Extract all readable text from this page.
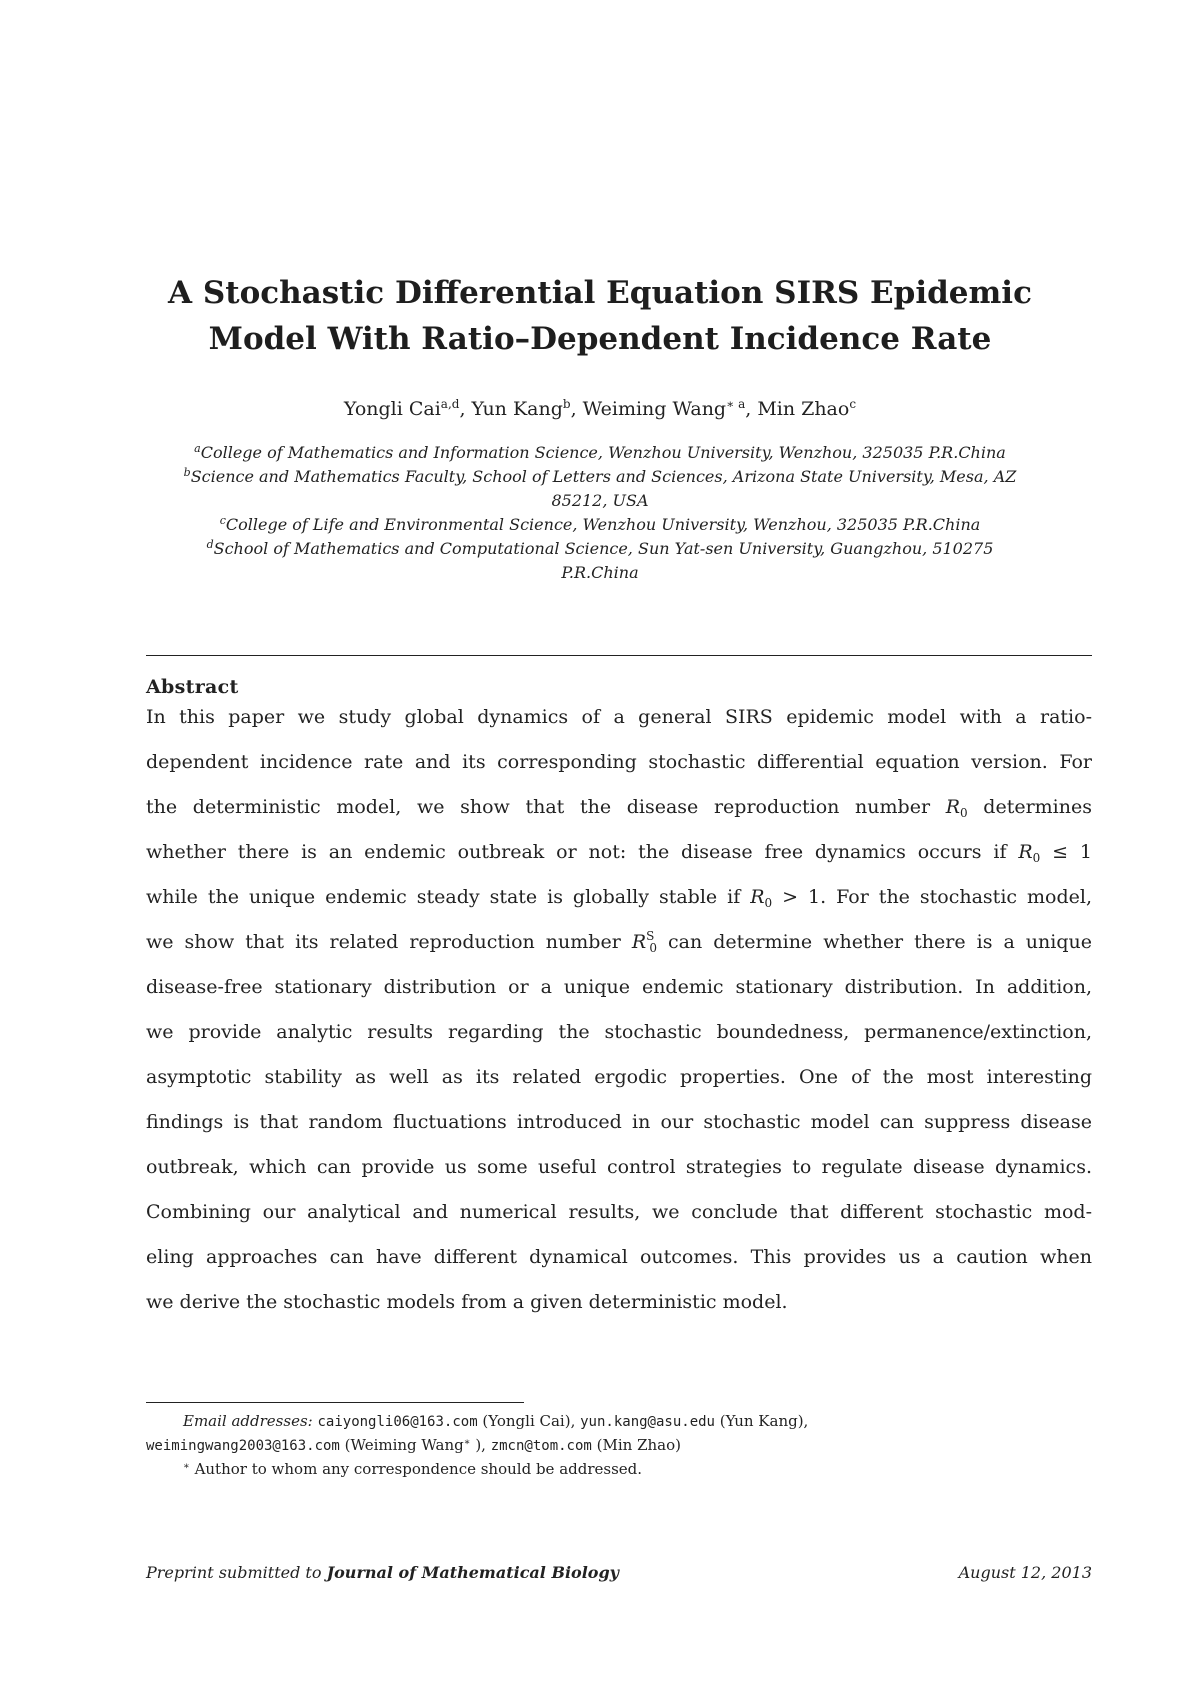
A Stochastic Differential Equation SIRS Epidemic
Model With Ratio–Dependent Incidence Rate
Yongli Cai$^{a,d}$, Yun Kang$^b$, Weiming Wang$^{∗ a}$, Min Zhao$^c$
$^a$College of Mathematics and Information Science, Wenzhou University, Wenzhou, 325035 P.R.China
$^b$Science and Mathematics Faculty, School of Letters and Sciences, Arizona State University, Mesa, AZ
85212, USA
$^c$College of Life and Environmental Science, Wenzhou University, Wenzhou, 325035 P.R.China
$^d$School of Mathematics and Computational Science, Sun Yat-sen University, Guangzhou, 510275
P.R.China
Abstract
In this paper we study global dynamics of a general SIRS epidemic model with a ratio-
dependent incidence rate and its corresponding stochastic differential equation version. For
the deterministic model, we show that the disease reproduction number $R_0$ determines
whether there is an endemic outbreak or not: the disease free dynamics occurs if $R_0 \le 1$
while the unique endemic steady state is globally stable if $R_0 > 1$. For the stochastic model,
we show that its related reproduction number $R^S_0$ can determine whether there is a unique
disease-free stationary distribution or a unique endemic stationary distribution. In addition,
we provide analytic results regarding the stochastic boundedness, permanence/extinction,
asymptotic stability as well as its related ergodic properties. One of the most interesting
findings is that random fluctuations introduced in our stochastic model can suppress disease
outbreak, which can provide us some useful control strategies to regulate disease dynamics.
Combining our analytical and numerical results, we conclude that different stochastic mod-
eling approaches can have different dynamical outcomes. This provides us a caution when
we derive the stochastic models from a given deterministic model.
Email addresses: caiyongli06@163.com (Yongli Cai), yun.kang@asu.edu (Yun Kang),
weimingwang2003@163.com (Weiming Wang∗ ), zmcn@tom.com (Min Zhao)
∗ Author to whom any correspondence should be addressed.
Preprint submitted to Journal of Mathematical Biology	August 12, 2013
